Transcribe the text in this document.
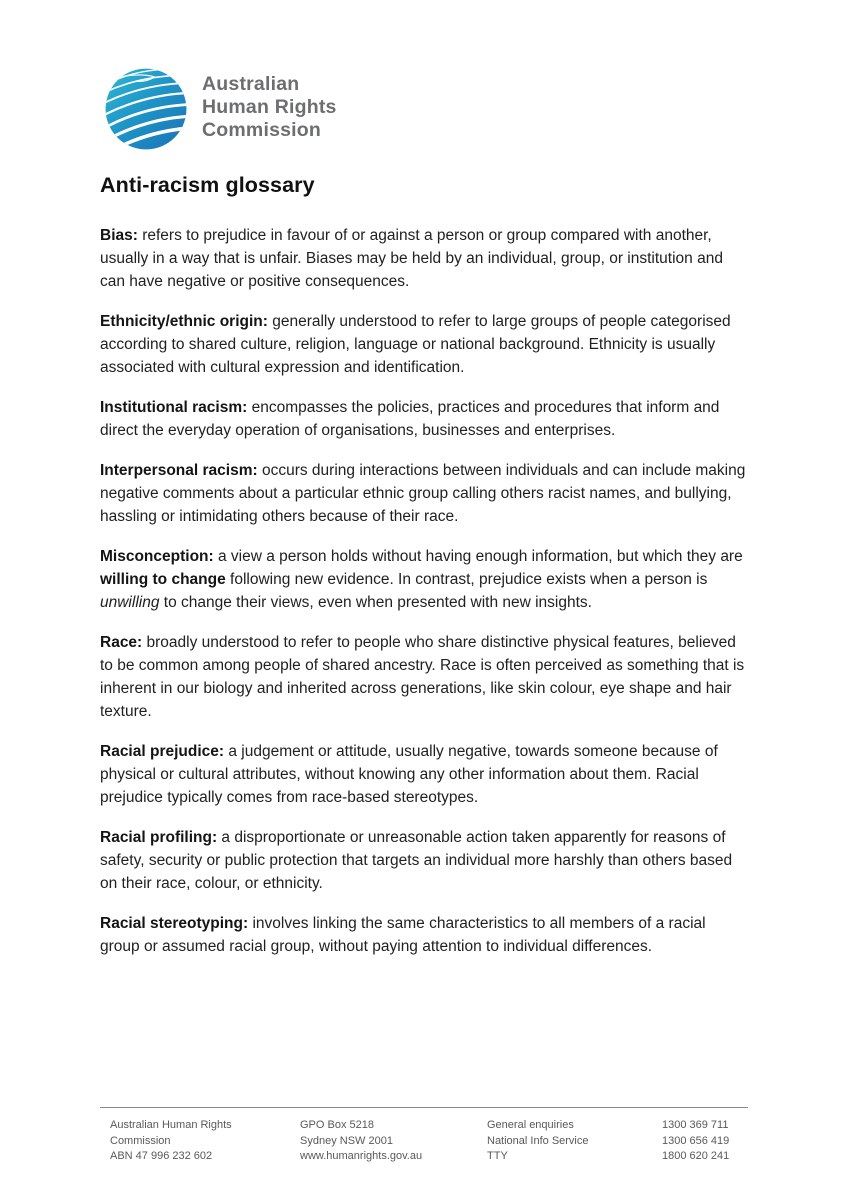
Australian
Human Rights
Commission
Anti-racism glossary

Bias: refers to prejudice in favour of or against a person or group compared with another, usually in a way that is unfair. Biases may be held by an individual, group, or institution and can have negative or positive consequences.

Ethnicity/ethnic origin: generally understood to refer to large groups of people categorised according to shared culture, religion, language or national background. Ethnicity is usually associated with cultural expression and identification.

Institutional racism: encompasses the policies, practices and procedures that inform and direct the everyday operation of organisations, businesses and enterprises.

Interpersonal racism: occurs during interactions between individuals and can include making negative comments about a particular ethnic group calling others racist names, and bullying, hassling or intimidating others because of their race.

Misconception: a view a person holds without having enough information, but which they are willing to change following new evidence. In contrast, prejudice exists when a person is unwilling to change their views, even when presented with new insights.

Race: broadly understood to refer to people who share distinctive physical features, believed to be common among people of shared ancestry. Race is often perceived as something that is inherent in our biology and inherited across generations, like skin colour, eye shape and hair texture.

Racial prejudice: a judgement or attitude, usually negative, towards someone because of physical or cultural attributes, without knowing any other information about them. Racial prejudice typically comes from race-based stereotypes.

Racial profiling: a disproportionate or unreasonable action taken apparently for reasons of safety, security or public protection that targets an individual more harshly than others based on their race, colour, or ethnicity.

Racial stereotyping: involves linking the same characteristics to all members of a racial group or assumed racial group, without paying attention to individual differences.

Australian Human Rights
Commission
ABN 47 996 232 602
GPO Box 5218
Sydney NSW 2001
www.humanrights.gov.au
General enquiries
National Info Service
TTY
1300 369 711
1300 656 419
1800 620 241
